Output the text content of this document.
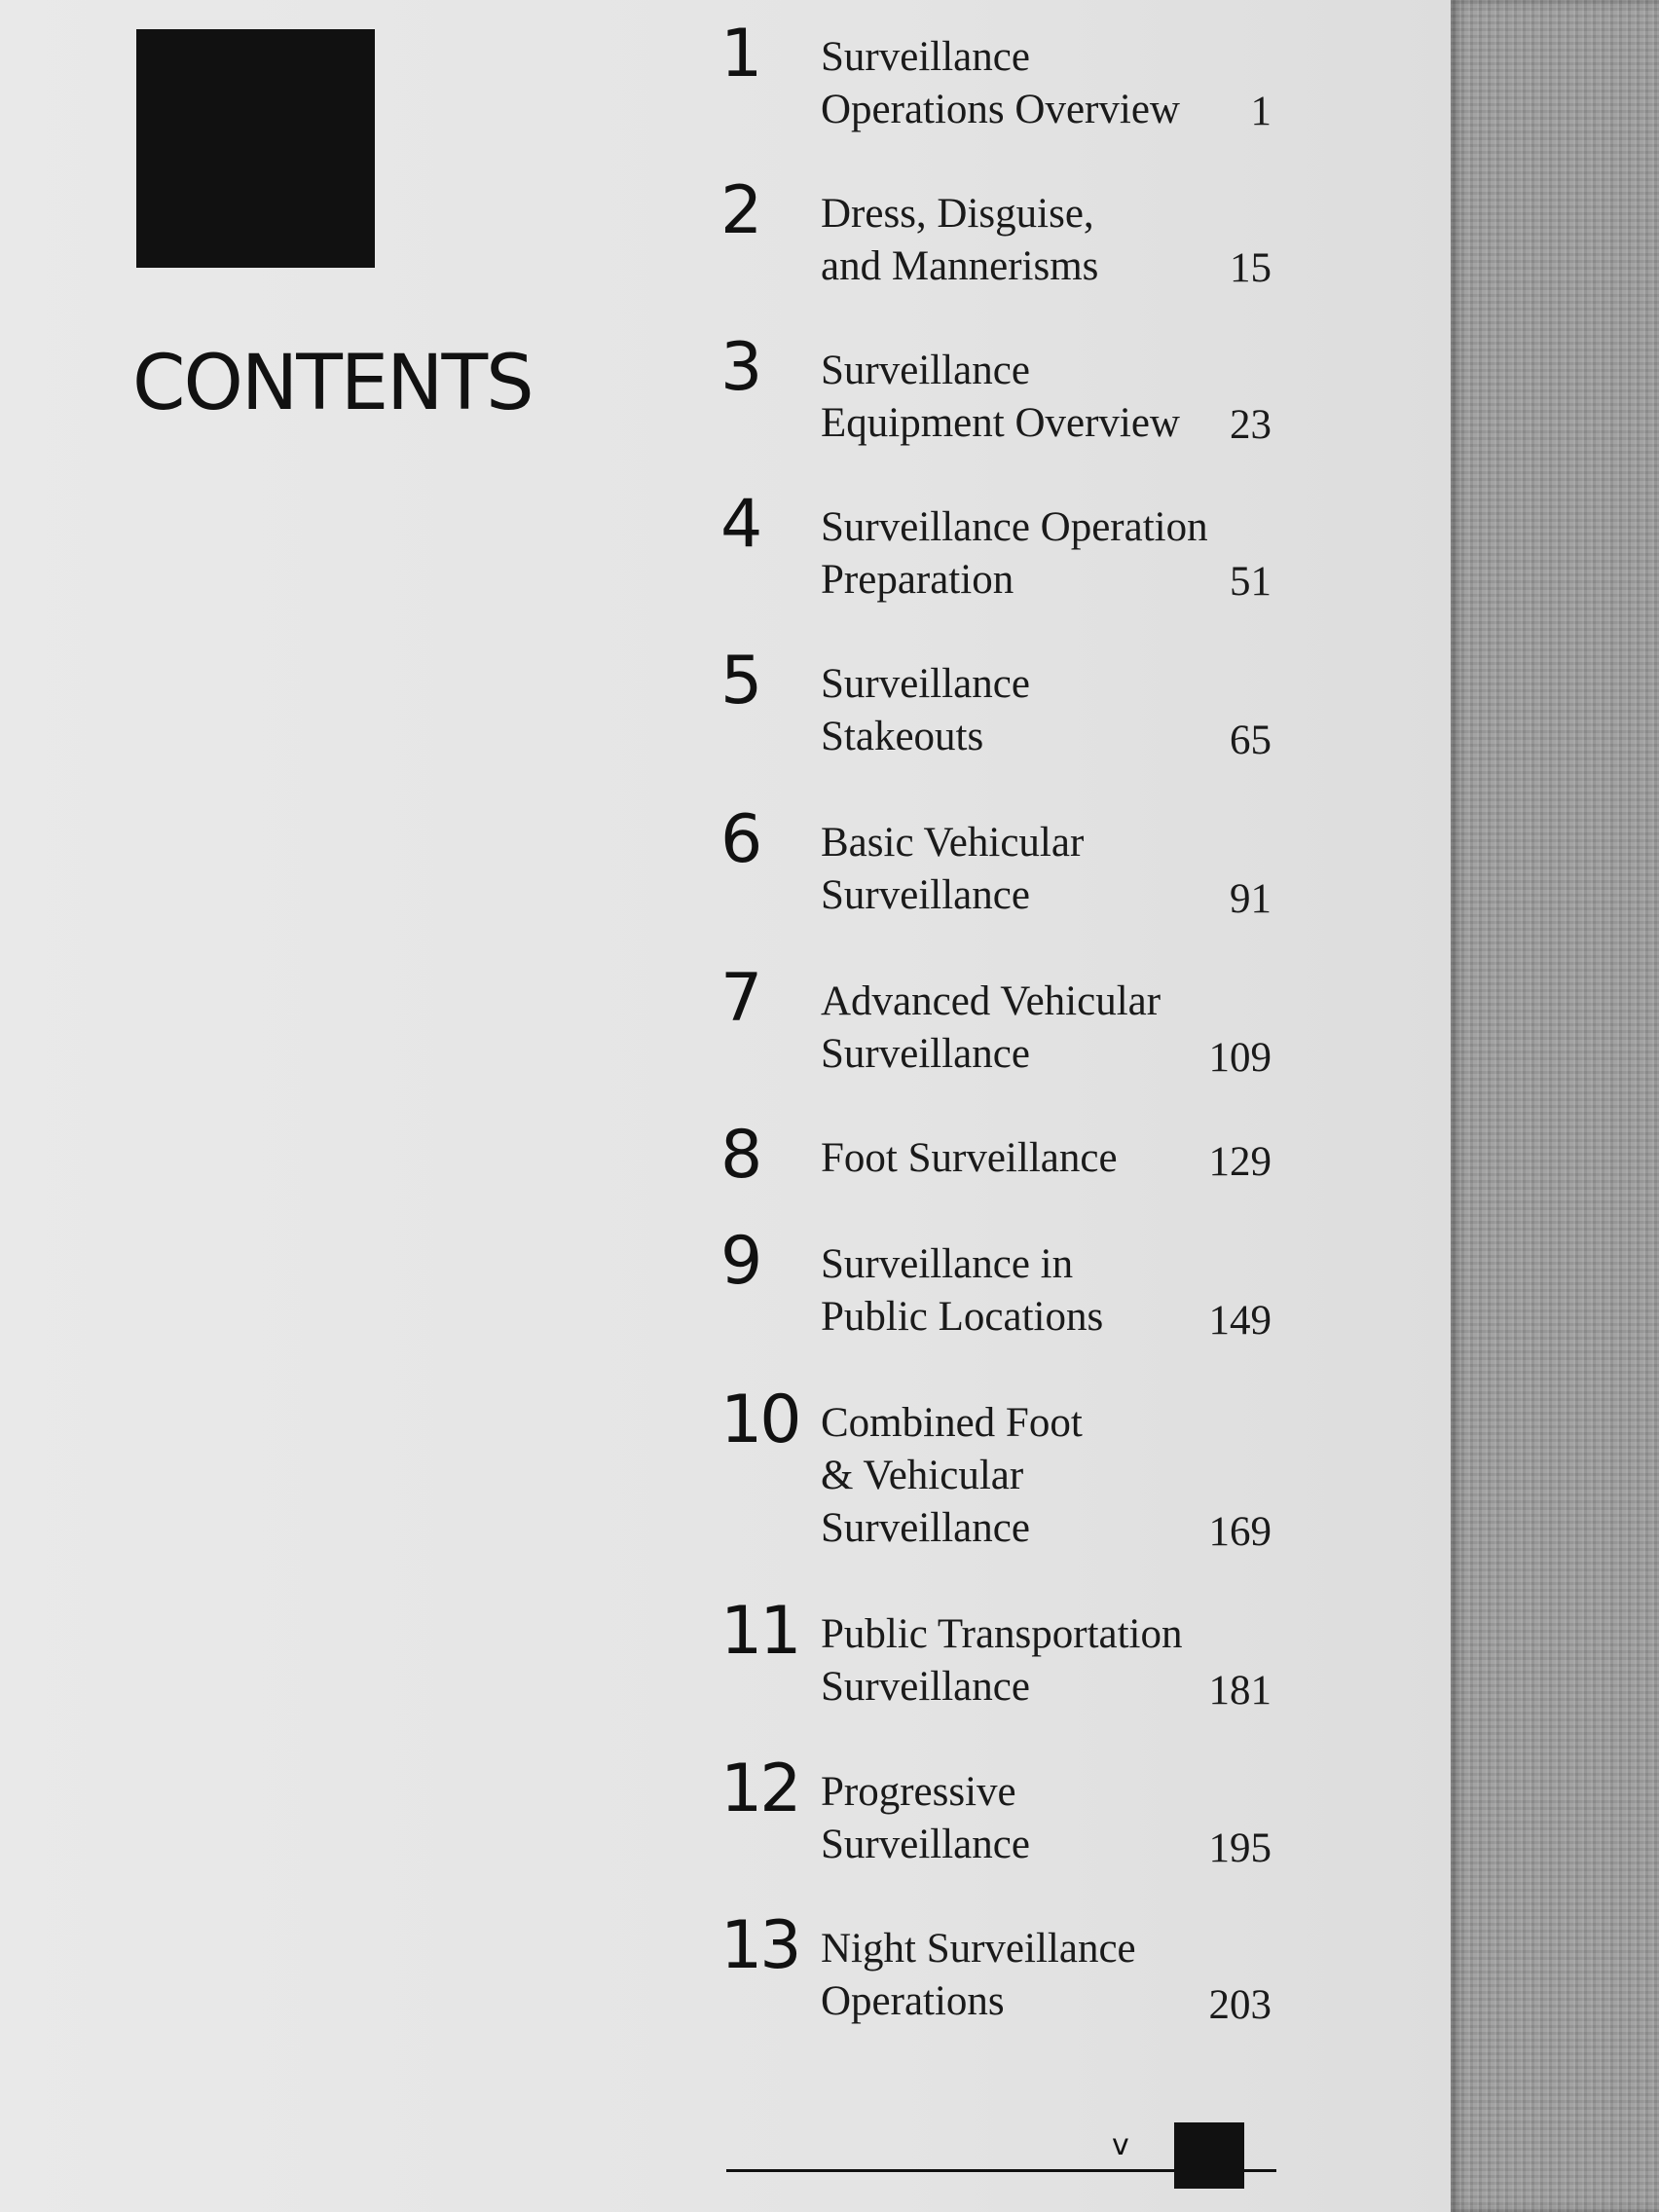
CONTENTS
1 Surveillance
Operations Overview	1
2 Dress, Disguise,
and Mannerisms	15
3 Surveillance
Equipment Overview	23
4 Surveillance Operation
Preparation	51
5 Surveillance
Stakeouts	65
6 Basic Vehicular
Surveillance	91
7 Advanced Vehicular
Surveillance	109
8 Foot Surveillance	129
9 Surveillance in
Public Locations	149
10 Combined Foot
& Vehicular
Surveillance	169
11 Public Transportation
Surveillance	181
12 Progressive
Surveillance	195
13 Night Surveillance
Operations	203
v
